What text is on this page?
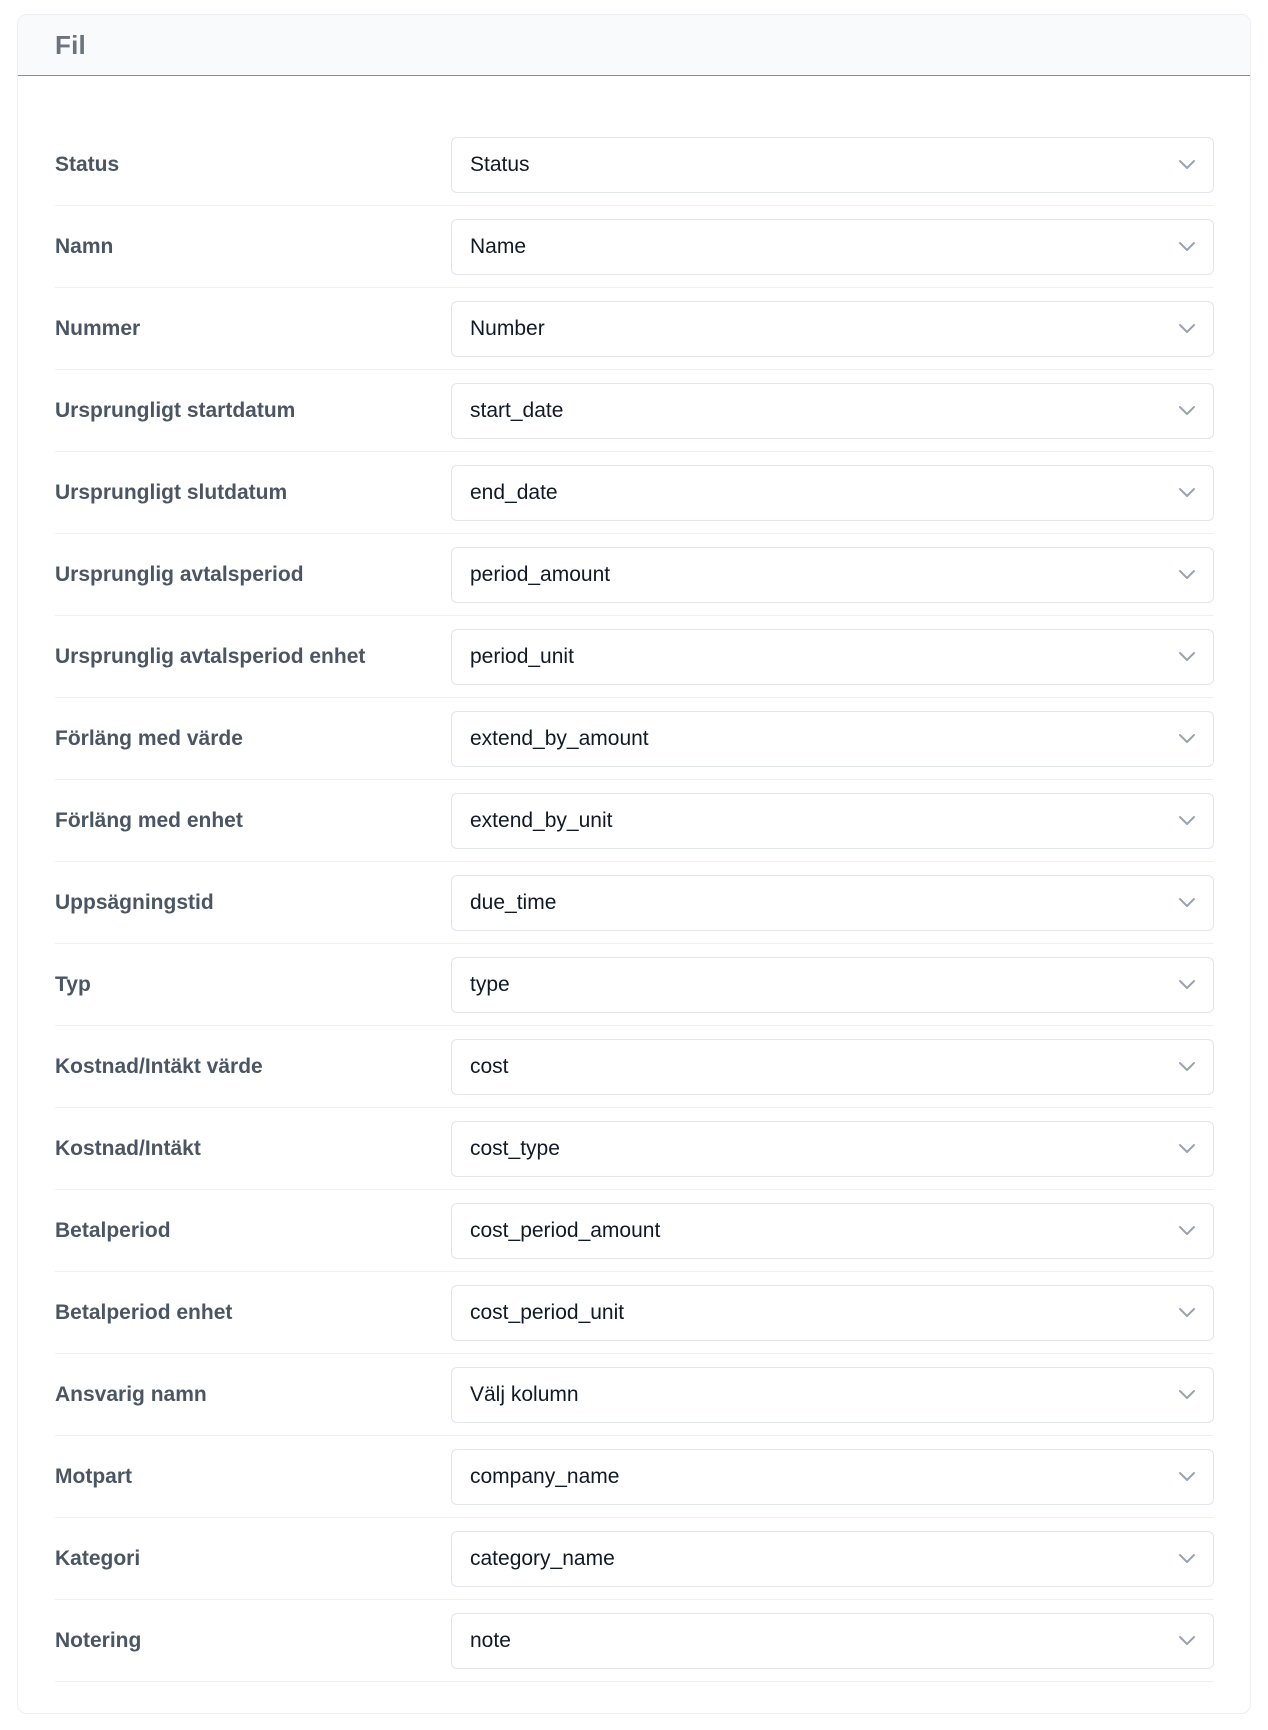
Fil
Status	Status
Namn	Name
Nummer	Number
Ursprungligt startdatum	start_date
Ursprungligt slutdatum	end_date
Ursprunglig avtalsperiod	period_amount
Ursprunglig avtalsperiod enhet	period_unit
Förläng med värde	extend_by_amount
Förläng med enhet	extend_by_unit
Uppsägningstid	due_time
Typ	type
Kostnad/Intäkt värde	cost
Kostnad/Intäkt	cost_type
Betalperiod	cost_period_amount
Betalperiod enhet	cost_period_unit
Ansvarig namn	Välj kolumn
Motpart	company_name
Kategori	category_name
Notering	note
